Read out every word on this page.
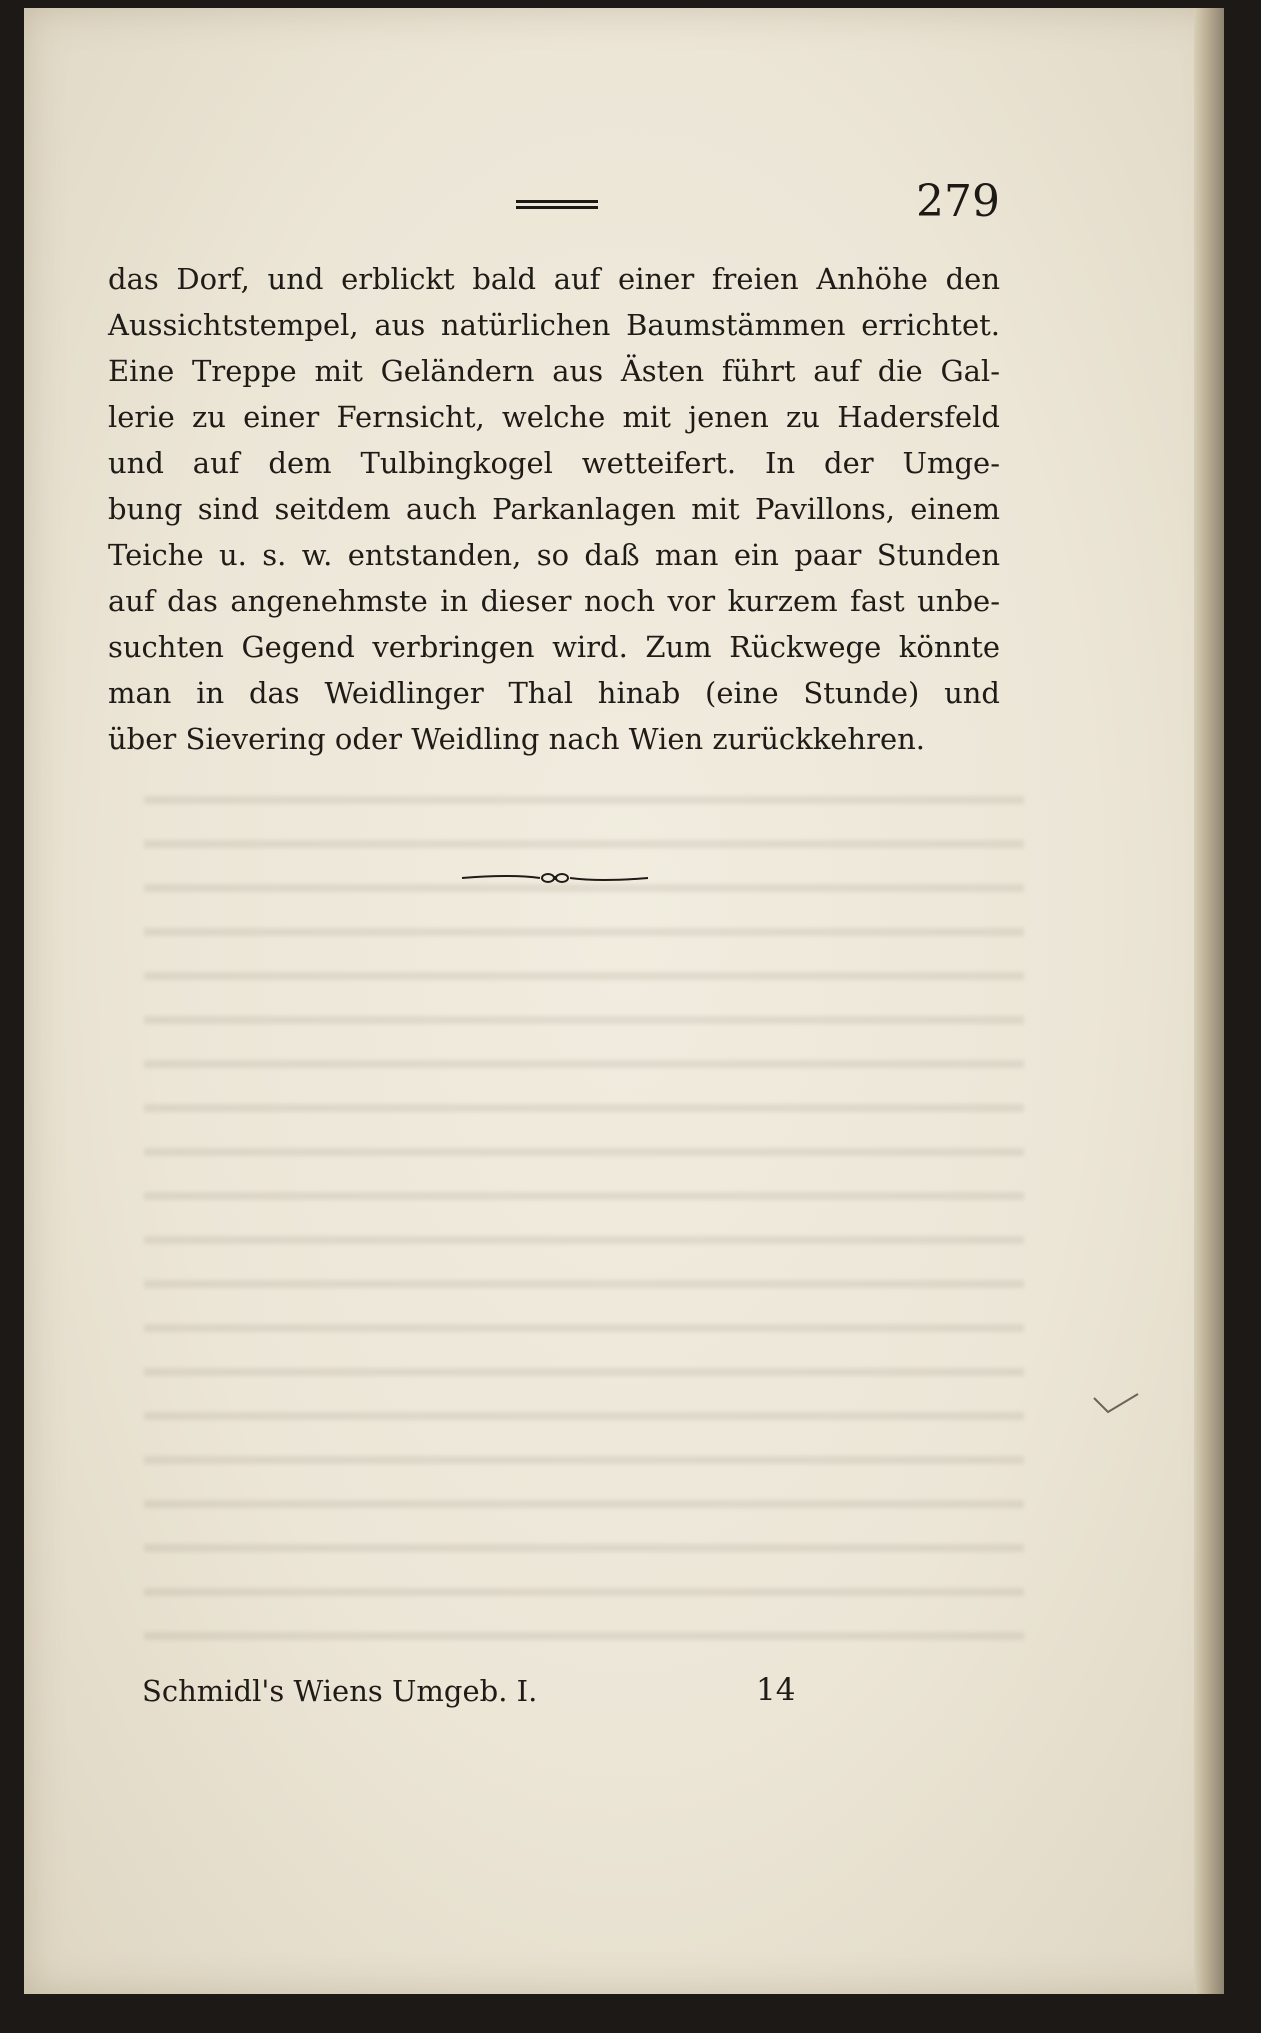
279
das Dorf, und erblickt bald auf einer freien Anhöhe den
Aussichtstempel, aus natürlichen Baumstämmen errichtet.
Eine Treppe mit Geländern aus Ästen führt auf die Gal-
lerie zu einer Fernsicht, welche mit jenen zu Hadersfeld
und auf dem Tulbingkogel wetteifert. In der Umge-
bung sind seitdem auch Parkanlagen mit Pavillons, einem
Teiche u. s. w. entstanden, so daß man ein paar Stunden
auf das angenehmste in dieser noch vor kurzem fast unbe-
suchten Gegend verbringen wird. Zum Rückwege könnte
man in das Weidlinger Thal hinab (eine Stunde) und
über Sievering oder Weidling nach Wien zurückkehren.
Schmidl's Wiens Umgeb. I.	14
